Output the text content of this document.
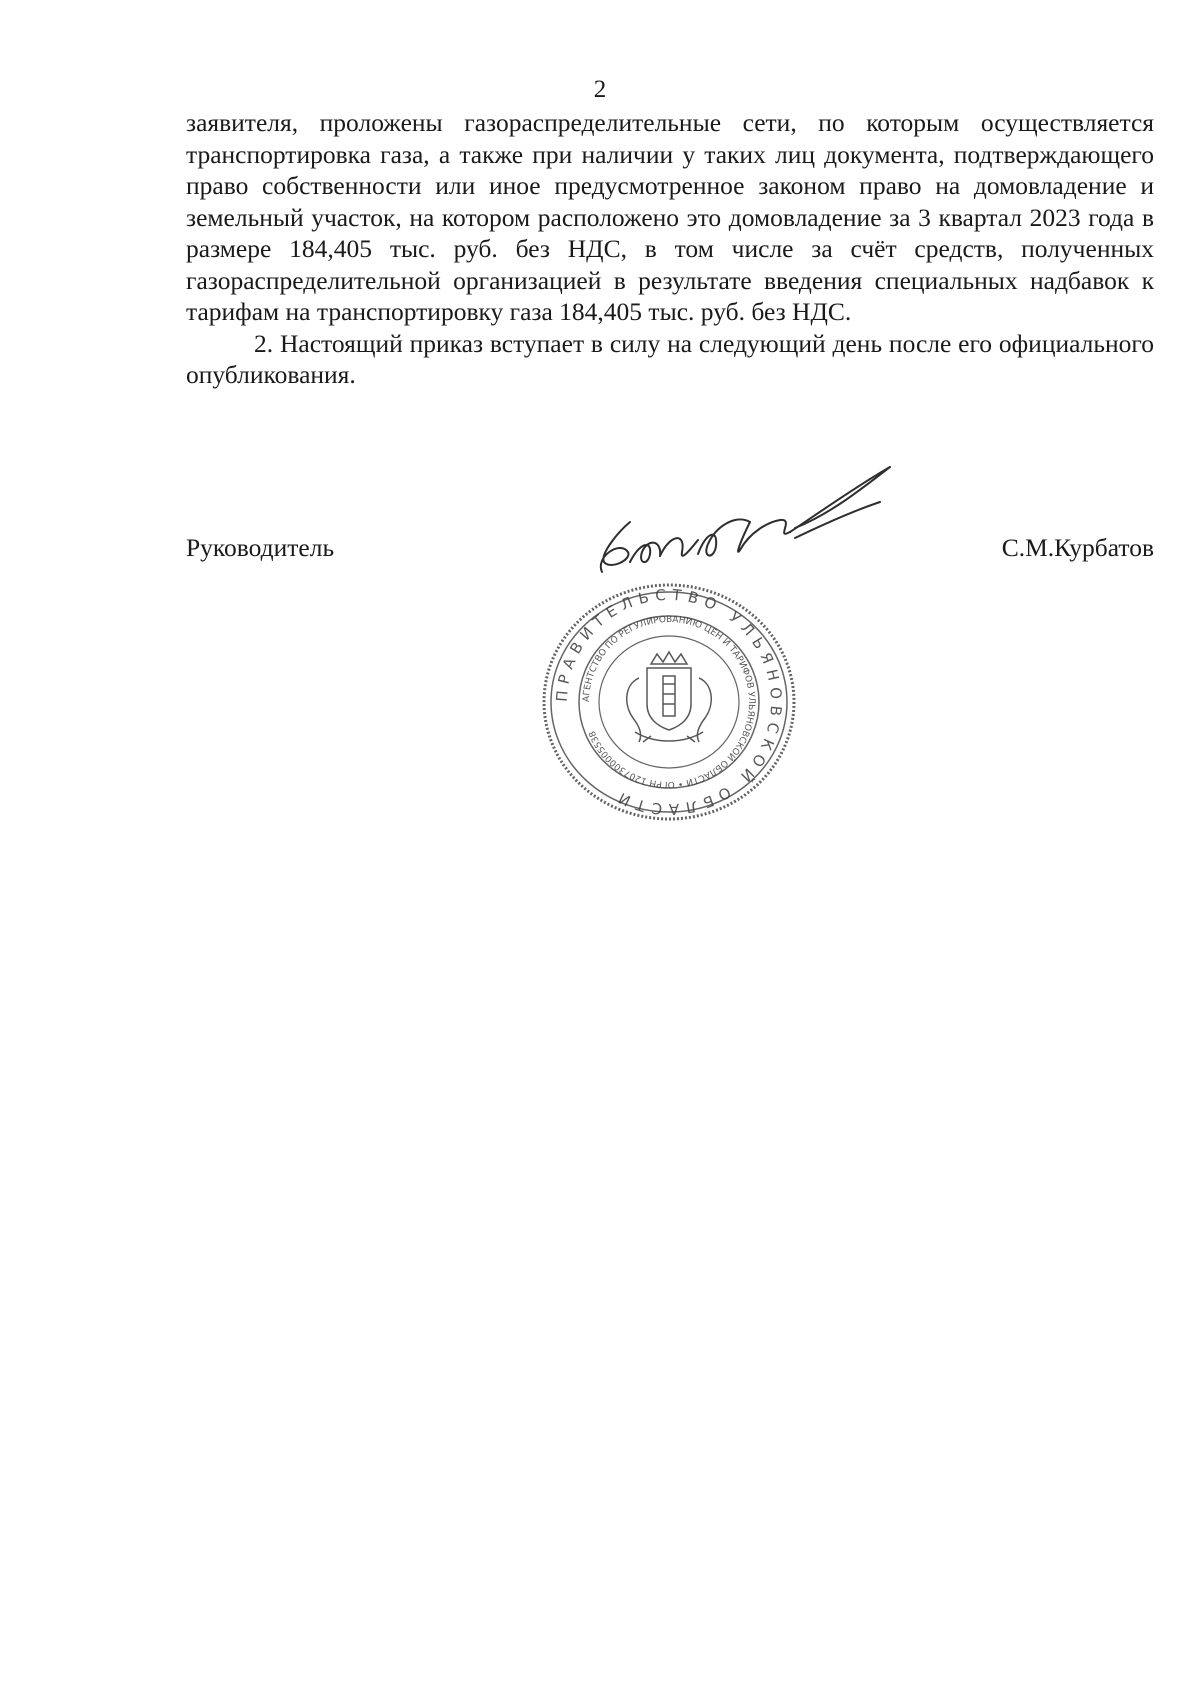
2

заявителя, проложены газораспределительные сети, по которым осуществляется транспортировка газа, а также при наличии у таких лиц документа, подтверждающего право собственности или иное предусмотренное законом право на домовладение и земельный участок, на котором расположено это домовладение за 3 квартал 2023 года в размере 184,405 тыс. руб. без НДС, в том числе за счёт средств, полученных газораспределительной организацией в результате введения специальных надбавок к тарифам на транспортировку газа 184,405 тыс. руб. без НДС.

2. Настоящий приказ вступает в силу на следующий день после его официального опубликования.

Руководитель	С.М.Курбатов
ПРАВИТЕЛЬСТВО УЛЬЯНОВСКОЙ ОБЛАСТИ
АГЕНТСТВО ПО РЕГУЛИРОВАНИЮ ЦЕН И ТАРИФОВ УЛЬЯНОВСКОЙ ОБЛАСТИ • ОГРН 1207300005538
